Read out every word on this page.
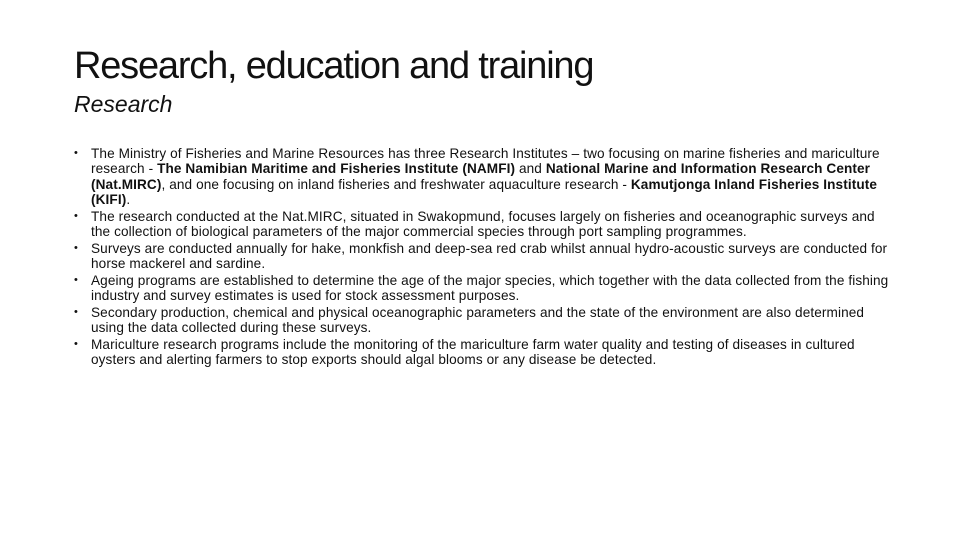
Research, education and training
Research
• The Ministry of Fisheries and Marine Resources has three Research Institutes – two focusing on marine fisheries and mariculture research - The Namibian Maritime and Fisheries Institute (NAMFI) and National Marine and Information Research Center (Nat.MIRC), and one focusing on inland fisheries and freshwater aquaculture research - Kamutjonga Inland Fisheries Institute (KIFI).
• The research conducted at the Nat.MIRC, situated in Swakopmund, focuses largely on fisheries and oceanographic surveys and the collection of biological parameters of the major commercial species through port sampling programmes.
• Surveys are conducted annually for hake, monkfish and deep-sea red crab whilst annual hydro-acoustic surveys are conducted for horse mackerel and sardine.
• Ageing programs are established to determine the age of the major species, which together with the data collected from the fishing industry and survey estimates is used for stock assessment purposes.
• Secondary production, chemical and physical oceanographic parameters and the state of the environment are also determined using the data collected during these surveys.
• Mariculture research programs include the monitoring of the mariculture farm water quality and testing of diseases in cultured oysters and alerting farmers to stop exports should algal blooms or any disease be detected.
